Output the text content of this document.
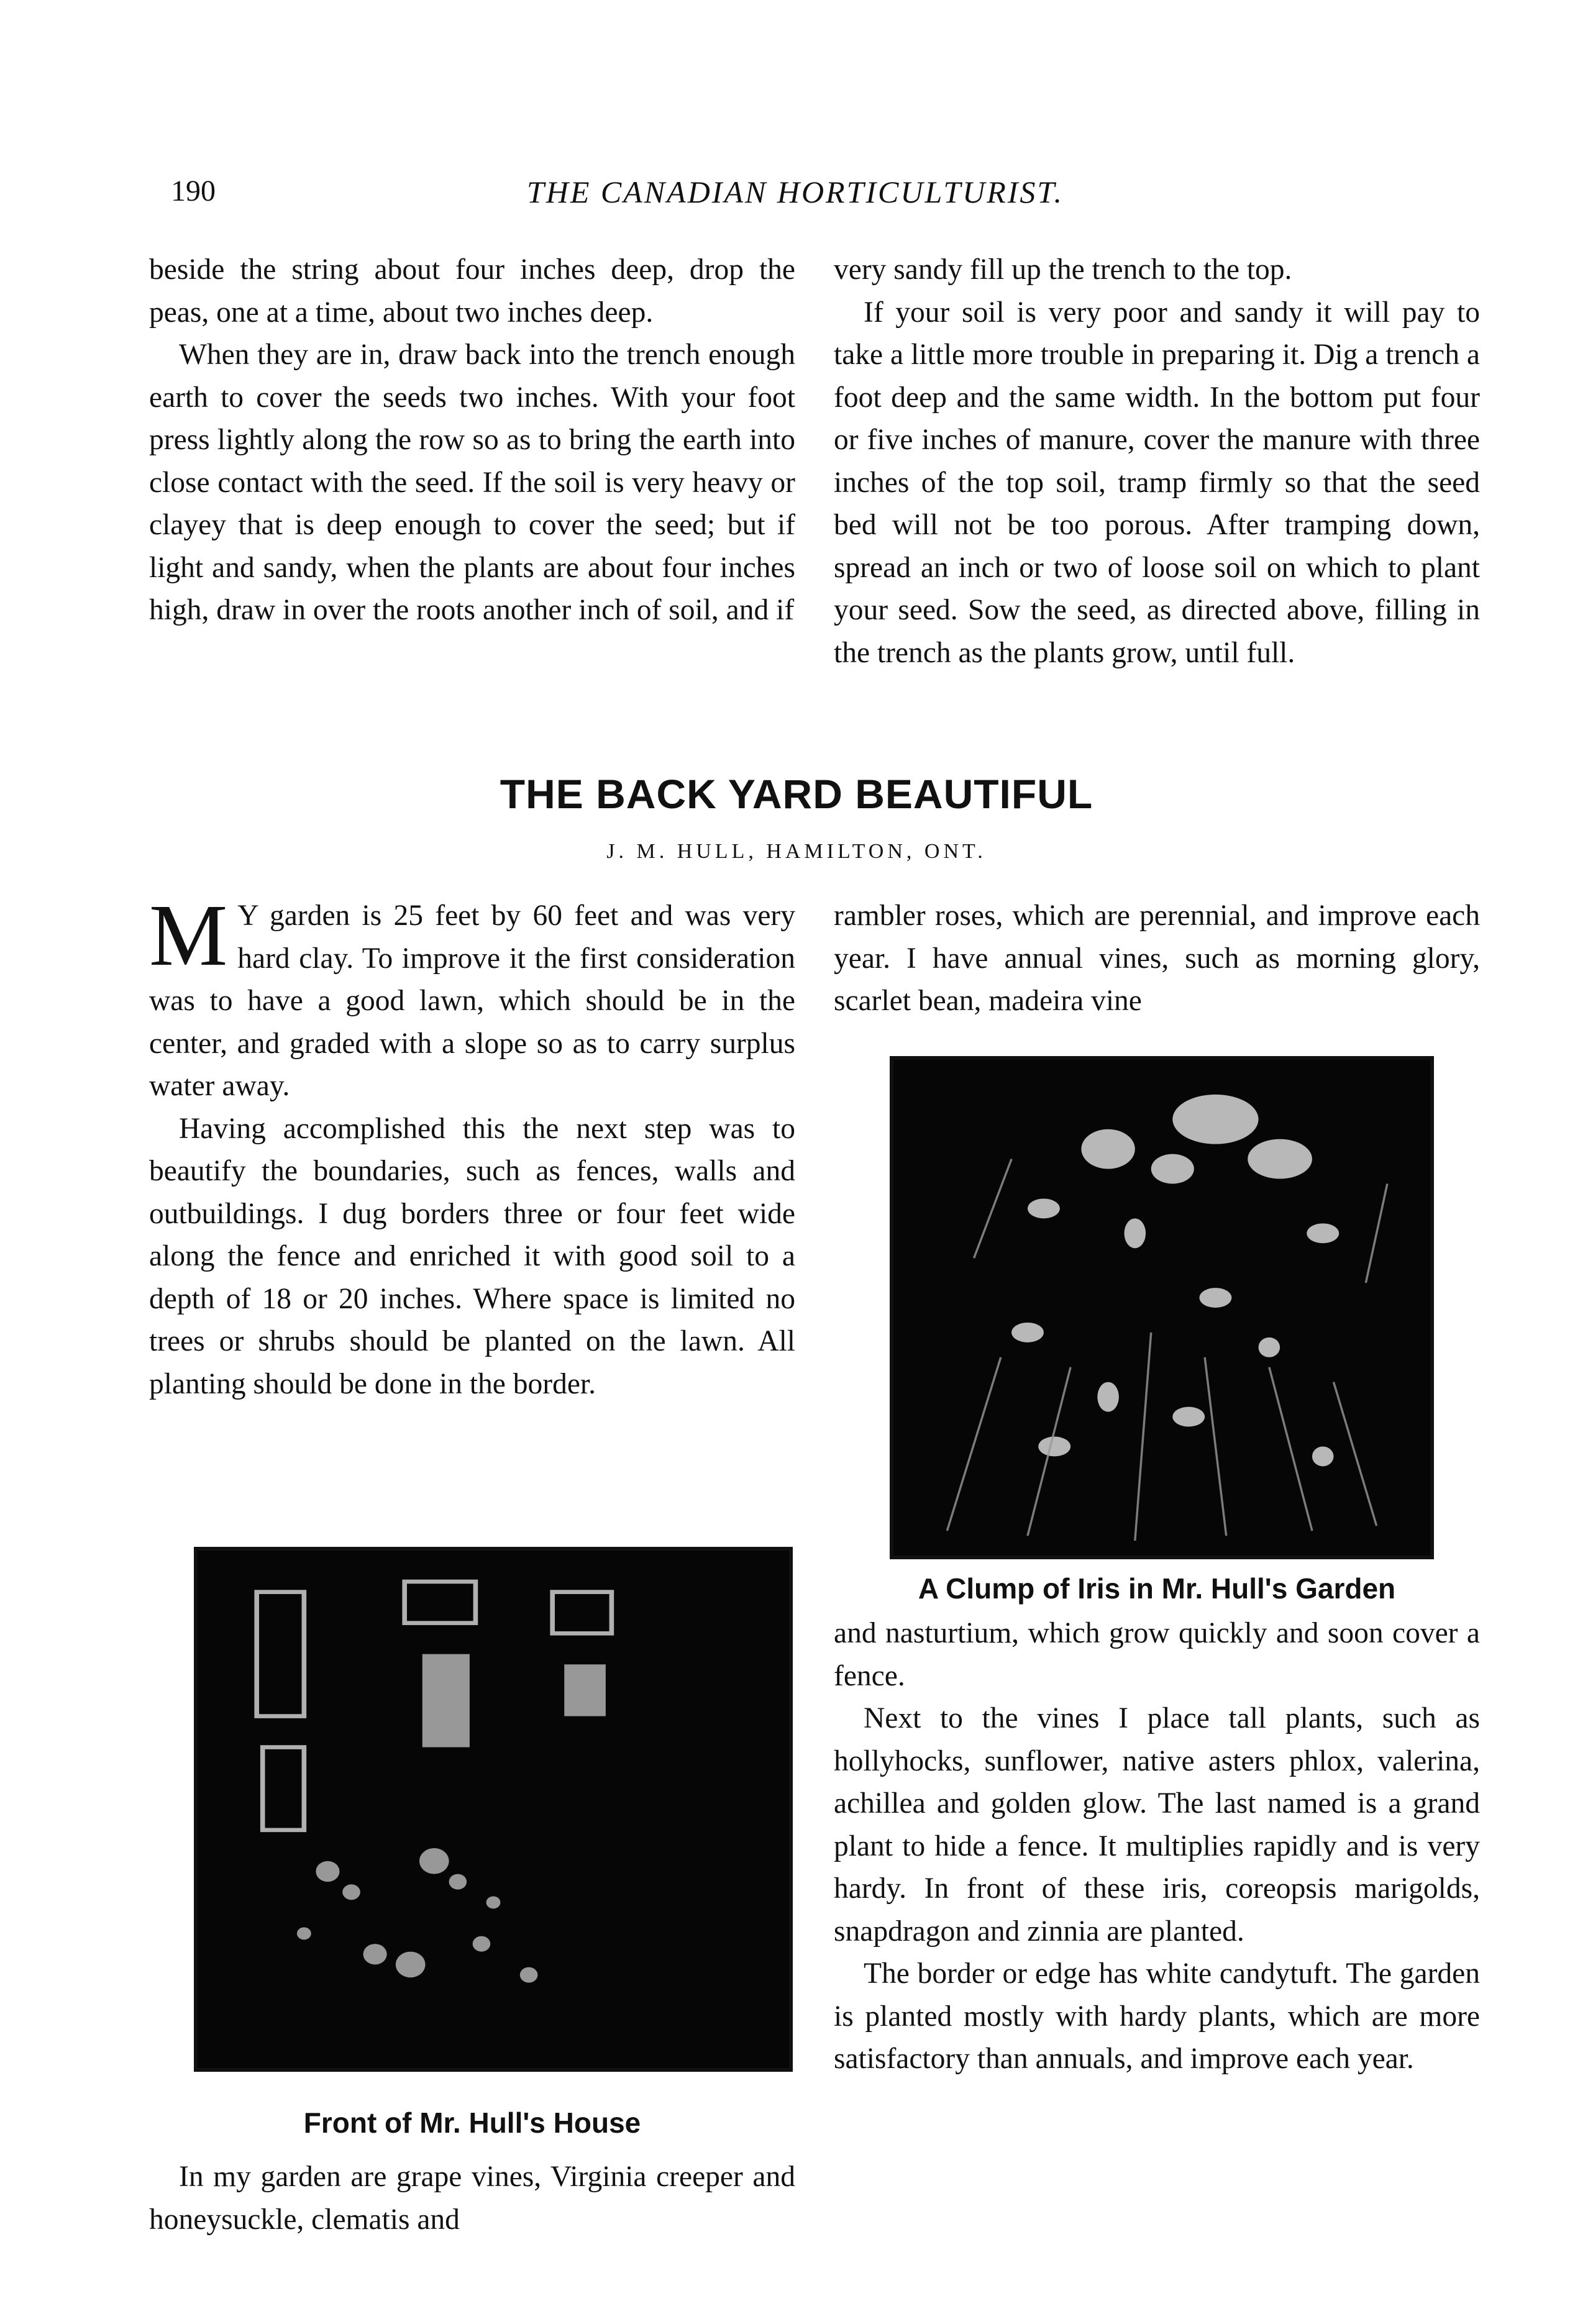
190	THE CANADIAN HORTICULTURIST.

beside the string about four inches deep, drop the peas, one at a time, about two inches deep.

When they are in, draw back into the trench enough earth to cover the seeds two inches. With your foot press lightly along the row so as to bring the earth into close contact with the seed. If the soil is very heavy or clayey that is deep enough to cover the seed; but if light and sandy, when the plants are about four inches high, draw in over the roots another inch of soil, and if

very sandy fill up the trench to the top.

If your soil is very poor and sandy it will pay to take a little more trouble in preparing it. Dig a trench a foot deep and the same width. In the bottom put four or five inches of manure, cover the manure with three inches of the top soil, tramp firmly so that the seed bed will not be too porous. After tramping down, spread an inch or two of loose soil on which to plant your seed. Sow the seed, as directed above, filling in the trench as the plants grow, until full.

THE BACK YARD BEAUTIFUL
J. M. HULL, HAMILTON, ONT.

M Y garden is 25 feet by 60 feet and was very hard clay. To improve it the first consideration was to have a good lawn, which should be in the center, and graded with a slope so as to carry surplus water away.

Having accomplished this the next step was to beautify the boundaries, such as fences, walls and outbuildings. I dug borders three or four feet wide along the fence and enriched it with good soil to a depth of 18 or 20 inches. Where space is limited no trees or shrubs should be planted on the lawn. All planting should be done in the border.

rambler roses, which are perennial, and improve each year. I have annual vines, such as morning glory, scarlet bean, madeira vine

A Clump of Iris in Mr. Hull's Garden

and nasturtium, which grow quickly and soon cover a fence.

Next to the vines I place tall plants, such as hollyhocks, sunflower, native asters phlox, valerina, achillea and golden glow. The last named is a grand plant to hide a fence. It multiplies rapidly and is very hardy. In front of these iris, coreopsis marigolds, snapdragon and zinnia are planted.

The border or edge has white candytuft. The garden is planted mostly with hardy plants, which are more satisfactory than annuals, and improve each year.

Front of Mr. Hull's House

In my garden are grape vines, Virginia creeper and honeysuckle, clematis and
